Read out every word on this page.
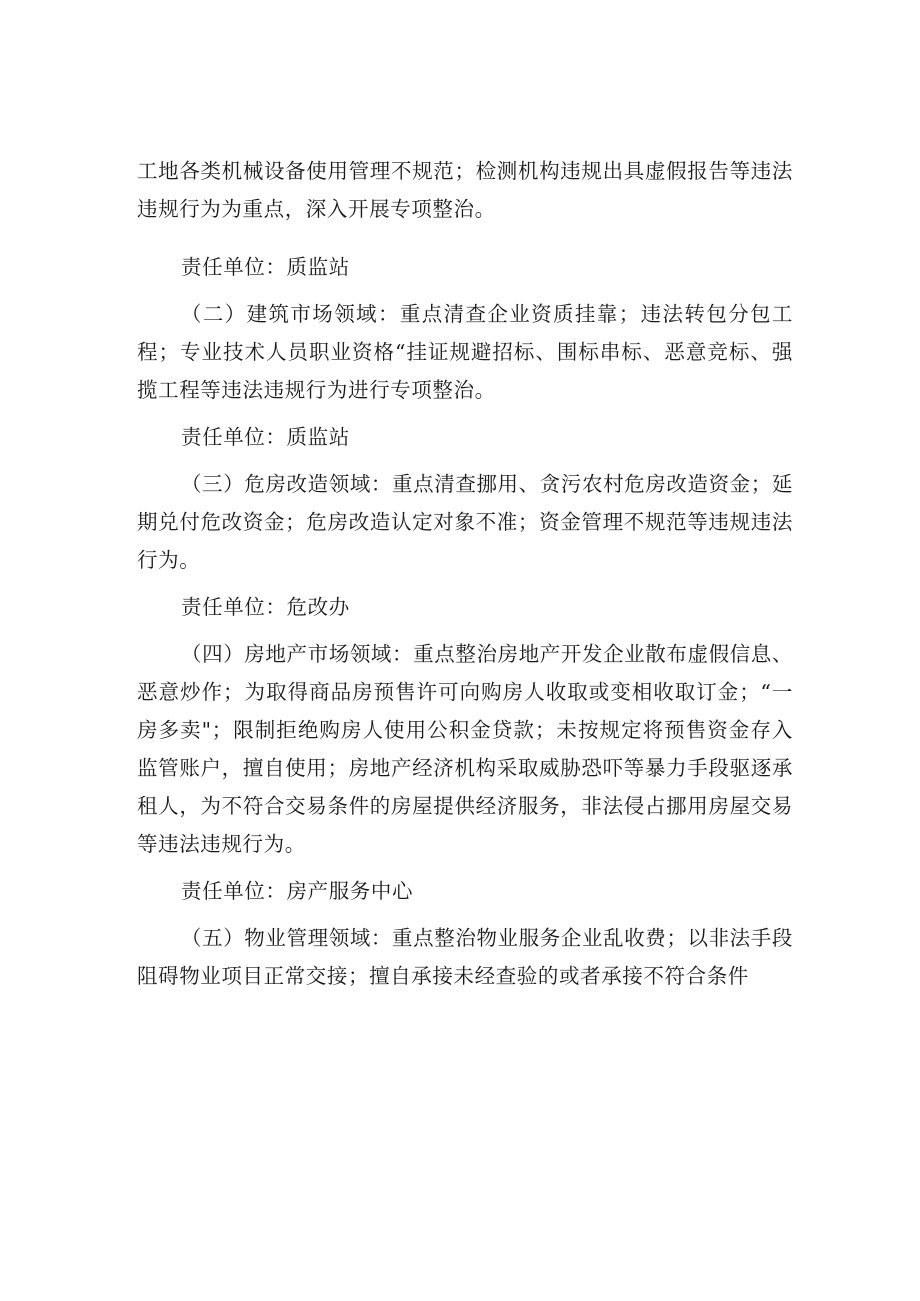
工地各类机械设备使用管理不规范；检测机构违规出具虚假报告等违法违规行为为重点，深入开展专项整治。

责任单位：质监站

（二）建筑市场领域：重点清查企业资质挂靠；违法转包分包工程；专业技术人员职业资格“挂证规避招标、围标串标、恶意竞标、强揽工程等违法违规行为进行专项整治。

责任单位：质监站

（三）危房改造领域：重点清查挪用、贪污农村危房改造资金；延期兑付危改资金；危房改造认定对象不准；资金管理不规范等违规违法行为。

责任单位：危改办

（四）房地产市场领域：重点整治房地产开发企业散布虚假信息、恶意炒作；为取得商品房预售许可向购房人收取或变相收取订金；“一房多卖"；限制拒绝购房人使用公积金贷款；未按规定将预售资金存入监管账户，擅自使用；房地产经济机构采取威胁恐吓等暴力手段驱逐承租人，为不符合交易条件的房屋提供经济服务，非法侵占挪用房屋交易等违法违规行为。

责任单位：房产服务中心

（五）物业管理领域：重点整治物业服务企业乱收费；以非法手段阻碍物业项目正常交接；擅自承接未经查验的或者承接不符合条件
